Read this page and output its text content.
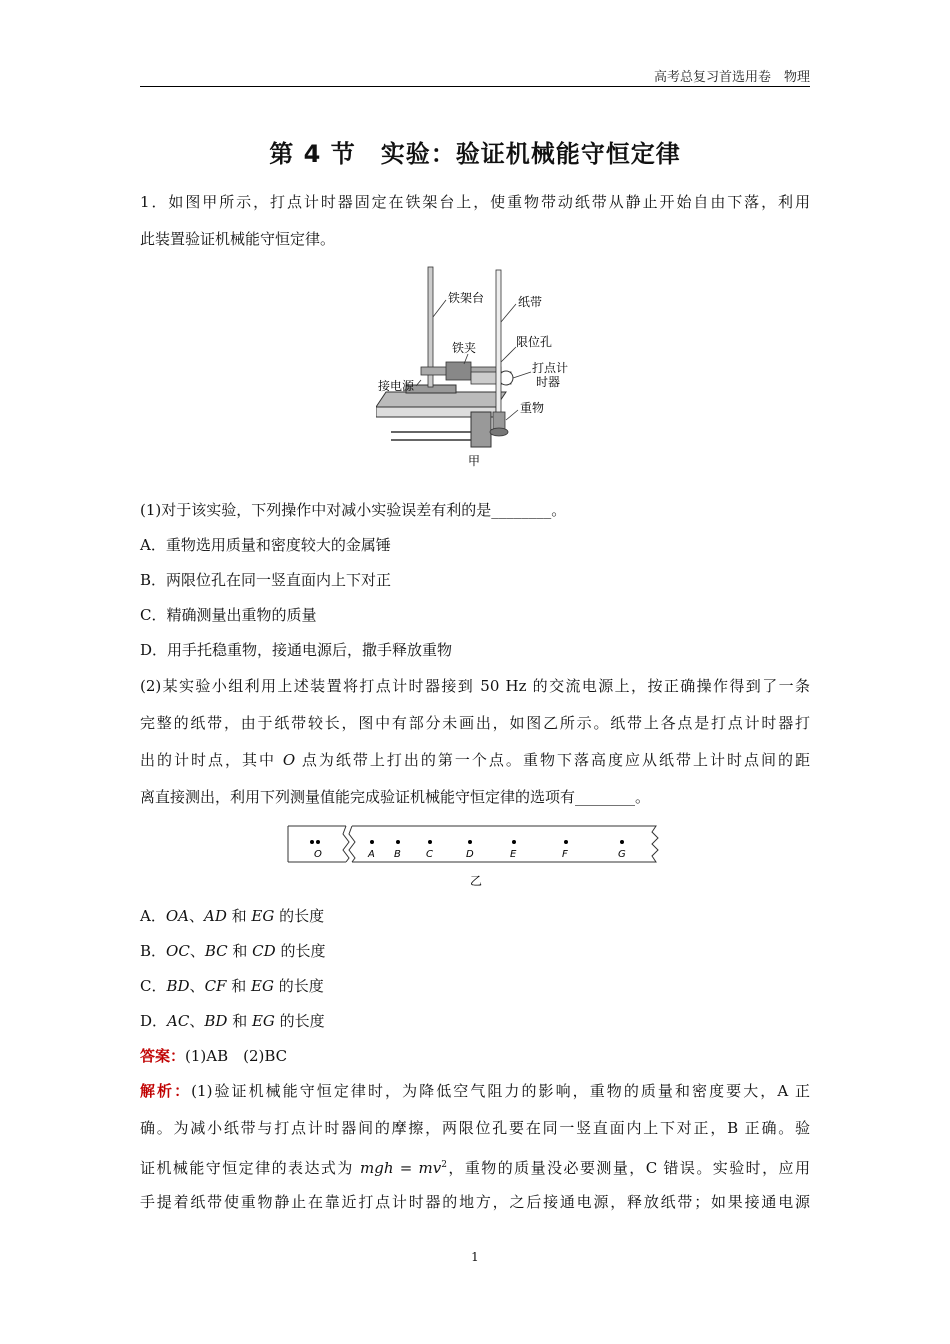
高考总复习首选用卷　物理
第 4 节　实验：验证机械能守恒定律
1．如图甲所示，打点计时器固定在铁架台上，使重物带动纸带从静止开始自由下落，利用
此装置验证机械能守恒定律。
铁架台	纸带
铁夹	限位孔
打点计
时器
接电源
重物
甲
(1)对于该实验，下列操作中对减小实验误差有利的是________。
A．重物选用质量和密度较大的金属锤
B．两限位孔在同一竖直面内上下对正
C．精确测量出重物的质量
D．用手托稳重物，接通电源后，撒手释放重物
(2)某实验小组利用上述装置将打点计时器接到 50 Hz 的交流电源上，按正确操作得到了一条
完整的纸带，由于纸带较长，图中有部分未画出，如图乙所示。纸带上各点是打点计时器打
出的计时点，其中 O 点为纸带上打出的第一个点。重物下落高度应从纸带上计时点间的距
离直接测出，利用下列测量值能完成验证机械能守恒定律的选项有________。
O	A B	C	D	E	F	G
乙
A．OA、AD 和 EG 的长度
B．OC、BC 和 CD 的长度
C．BD、CF 和 EG 的长度
D．AC、BD 和 EG 的长度
答案：(1)AB　(2)BC
解析：(1)验证机械能守恒定律时，为降低空气阻力的影响，重物的质量和密度要大，A 正
确。为减小纸带与打点计时器间的摩擦，两限位孔要在同一竖直面内上下对正，B 正确。验
证机械能守恒定律的表达式为 mgh = $mv^2$，重物的质量没必要测量，C 错误。实验时，应用
手提着纸带使重物静止在靠近打点计时器的地方，之后接通电源，释放纸带；如果接通电源
1
